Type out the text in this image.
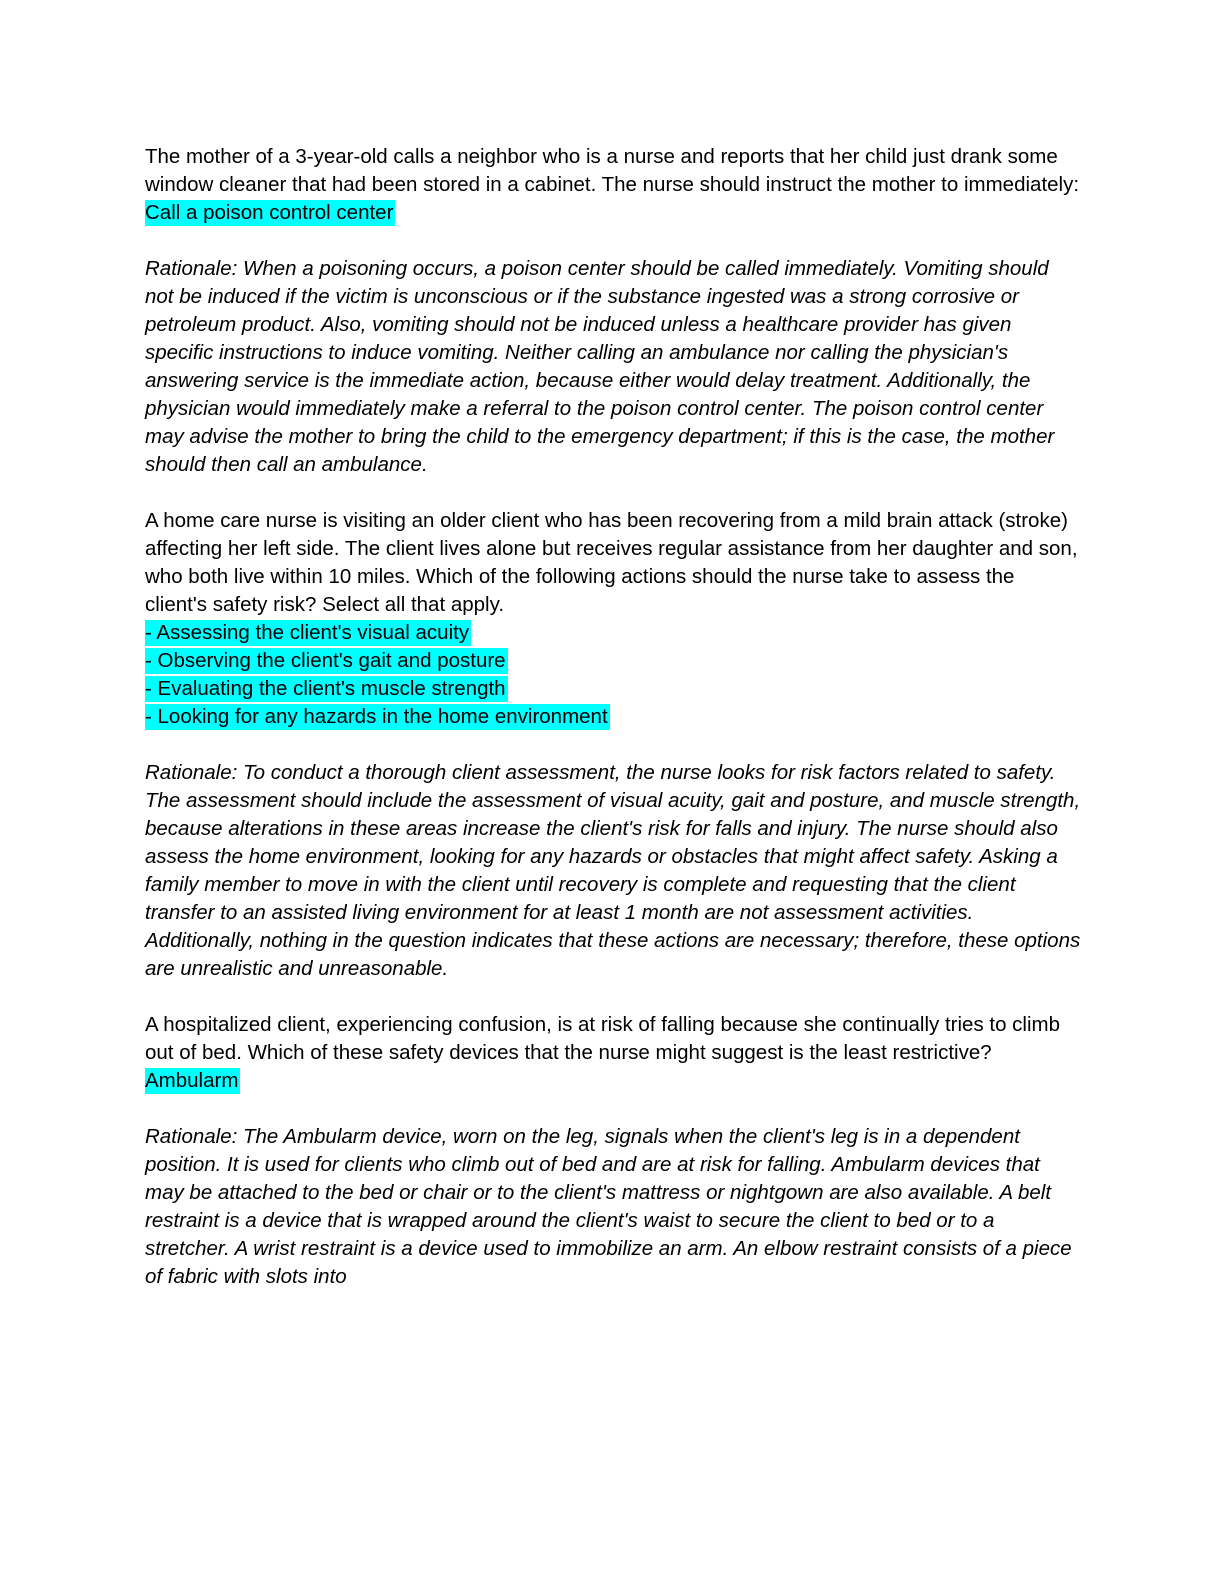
The mother of a 3-year-old calls a neighbor who is a nurse and reports that her child just drank some window cleaner that had been stored in a cabinet. The nurse should instruct the mother to immediately:

Call a poison control center

Rationale: When a poisoning occurs, a poison center should be called immediately. Vomiting should not be induced if the victim is unconscious or if the substance ingested was a strong corrosive or petroleum product. Also, vomiting should not be induced unless a healthcare provider has given specific instructions to induce vomiting. Neither calling an ambulance nor calling the physician's answering service is the immediate action, because either would delay treatment. Additionally, the physician would immediately make a referral to the poison control center. The poison control center may advise the mother to bring the child to the emergency department; if this is the case, the mother should then call an ambulance.

A home care nurse is visiting an older client who has been recovering from a mild brain attack (stroke) affecting her left side. The client lives alone but receives regular assistance from her daughter and son, who both live within 10 miles. Which of the following actions should the nurse take to assess the client's safety risk? Select all that apply.

- Assessing the client's visual acuity

- Observing the client's gait and posture

- Evaluating the client's muscle strength

- Looking for any hazards in the home environment

Rationale: To conduct a thorough client assessment, the nurse looks for risk factors related to safety. The assessment should include the assessment of visual acuity, gait and posture, and muscle strength, because alterations in these areas increase the client's risk for falls and injury. The nurse should also assess the home environment, looking for any hazards or obstacles that might affect safety. Asking a family member to move in with the client until recovery is complete and requesting that the client transfer to an assisted living environment for at least 1 month are not assessment activities. Additionally, nothing in the question indicates that these actions are necessary; therefore, these options are unrealistic and unreasonable.

A hospitalized client, experiencing confusion, is at risk of falling because she continually tries to climb out of bed. Which of these safety devices that the nurse might suggest is the least restrictive?

Ambularm

Rationale: The Ambularm device, worn on the leg, signals when the client's leg is in a dependent position. It is used for clients who climb out of bed and are at risk for falling. Ambularm devices that may be attached to the bed or chair or to the client's mattress or nightgown are also available. A belt restraint is a device that is wrapped around the client's waist to secure the client to bed or to a stretcher. A wrist restraint is a device used to immobilize an arm. An elbow restraint consists of a piece of fabric with slots into
